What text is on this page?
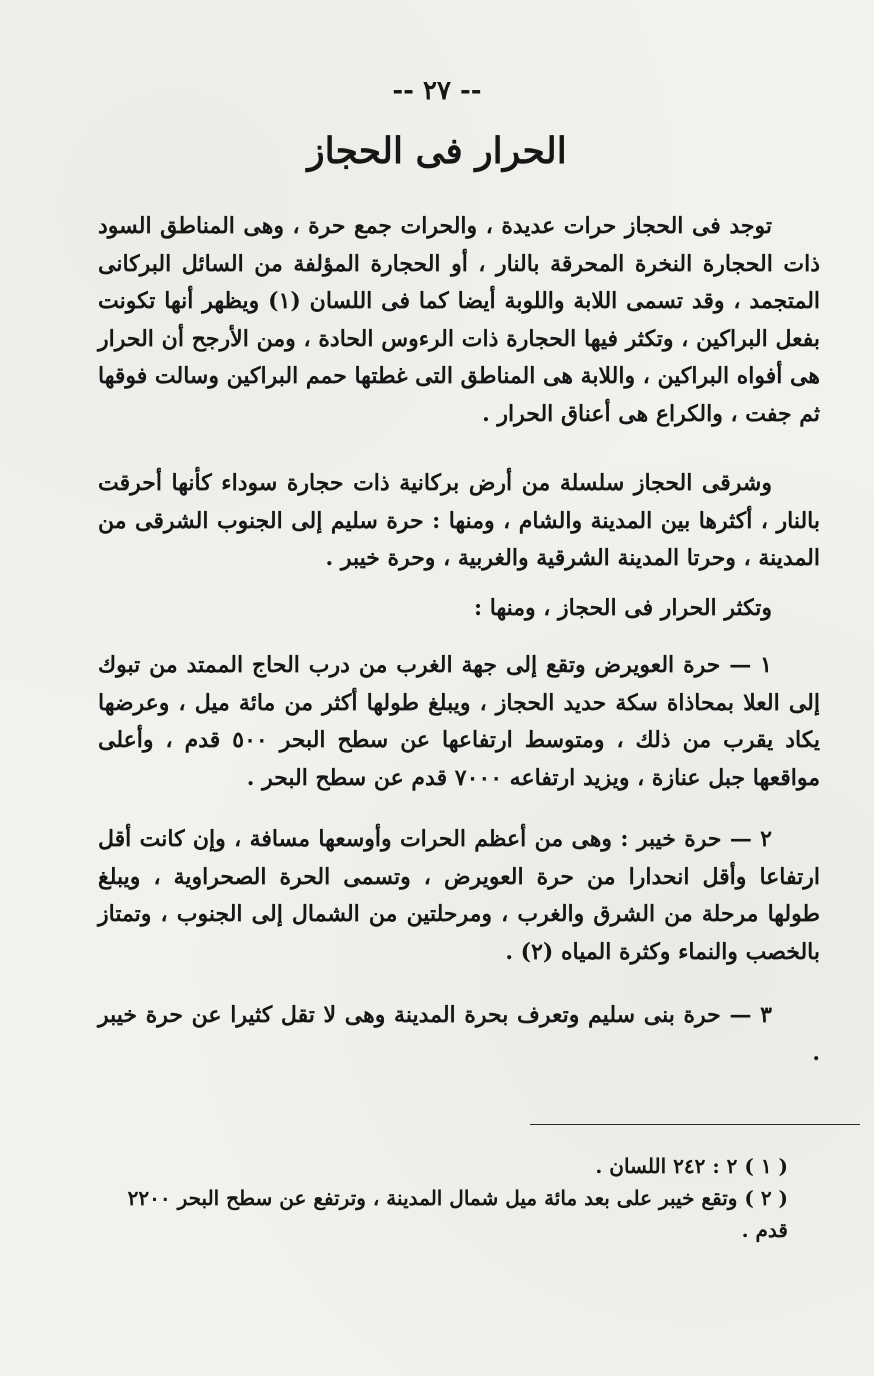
-- ٢٧ --
الحرار فى الحجاز

توجد فى الحجاز حرات عديدة ، والحرات جمع حرة ، وهى المناطق السود ذات الحجارة النخرة المحرقة بالنار ، أو الحجارة المؤلفة من السائل البركانى المتجمد ، وقد تسمى اللابة واللوبة أيضا كما فى اللسان (١) ويظهر أنها تكونت بفعل البراكين ، وتكثر فيها الحجارة ذات الرءوس الحادة ، ومن الأرجح أن الحرار هى أفواه البراكين ، واللابة هى المناطق التى غطتها حمم البراكين وسالت فوقها ثم جفت ، والكراع هى أعناق الحرار .

وشرقى الحجاز سلسلة من أرض بركانية ذات حجارة سوداء كأنها أحرقت بالنار ، أكثرها بين المدينة والشام ، ومنها : حرة سليم إلى الجنوب الشرقى من المدينة ، وحرتا المدينة الشرقية والغربية ، وحرة خيبر .

وتكثر الحرار فى الحجاز ، ومنها :

١ — حرة العويرض وتقع إلى جهة الغرب من درب الحاج الممتد من تبوك إلى العلا بمحاذاة سكة حديد الحجاز ، ويبلغ طولها أكثر من مائة ميل ، وعرضها يكاد يقرب من ذلك ، ومتوسط ارتفاعها عن سطح البحر ٥٠٠ قدم ، وأعلى مواقعها جبل عنازة ، ويزيد ارتفاعه ٧٠٠٠ قدم عن سطح البحر .

٢ — حرة خيبر : وهى من أعظم الحرات وأوسعها مسافة ، وإن كانت أقل ارتفاعا وأقل انحدارا من حرة العويرض ، وتسمى الحرة الصحراوية ، ويبلغ طولها مرحلة من الشرق والغرب ، ومرحلتين من الشمال إلى الجنوب ، وتمتاز بالخصب والنماء وكثرة المياه (٢) .

٣ — حرة بنى سليم وتعرف بحرة المدينة وهى لا تقل كثيرا عن حرة خيبر .

( ١ ) ٢ : ٢٤٢ اللسان .

( ٢ ) وتقع خيبر على بعد مائة ميل شمال المدينة ، وترتفع عن سطح البحر ٢٢٠٠ قدم .
